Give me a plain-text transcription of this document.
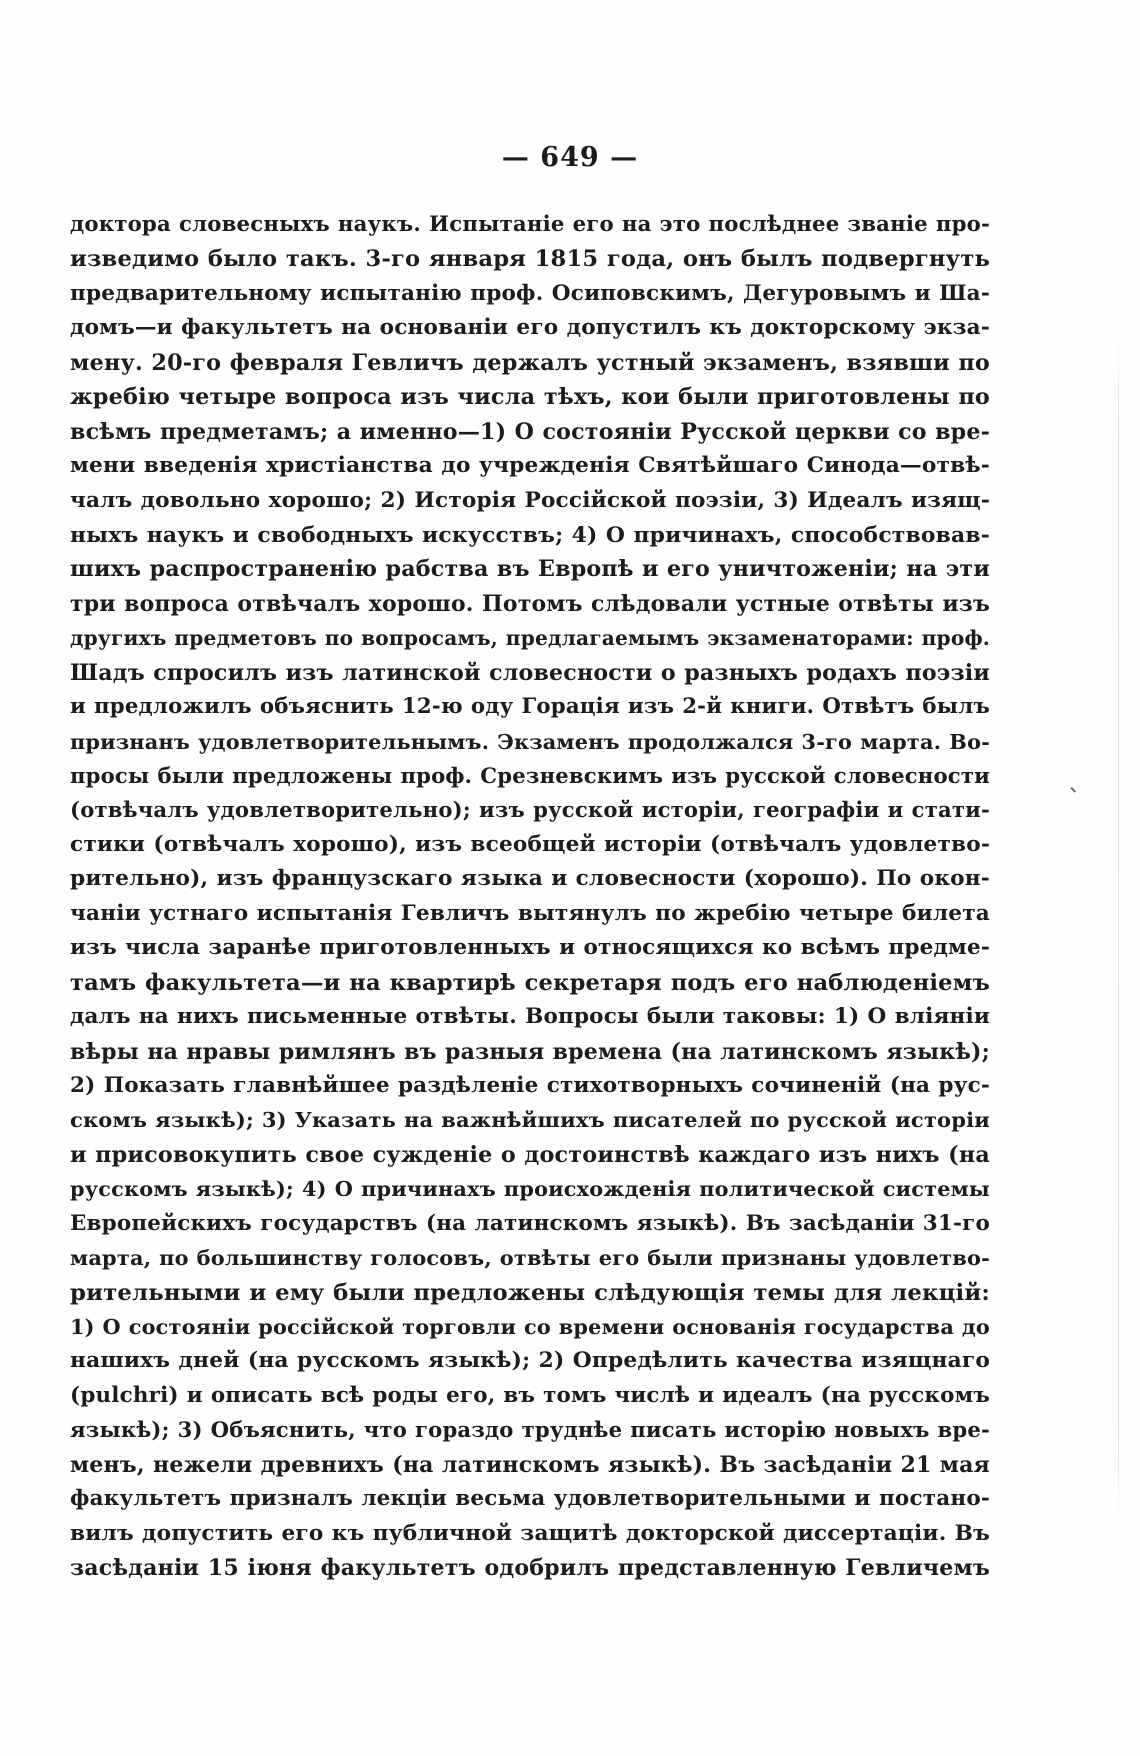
— 649 —
доктора словесныхъ наукъ. Испытаніе его на это послѣднее званіе про-
изведимо было такъ. 3-го января 1815 года, онъ былъ подвергнуть
предварительному испытанію проф. Осиповскимъ, Дегуровымъ и Ша-
домъ—и факультетъ на основаніи его допустилъ къ докторскому экза-
мену. 20-го февраля Гевличъ держалъ устный экзаменъ, взявши по
жребію четыре вопроса изъ числа тѣхъ, кои были приготовлены по
всѣмъ предметамъ; а именно—1) О состояніи Русской церкви со вре-
мени введенія христіанства до учрежденія Святѣйшаго Синода—отвѣ-
чалъ довольно хорошо; 2) Исторія Россійской поэзіи, 3) Идеалъ изящ-
ныхъ наукъ и свободныхъ искусствъ; 4) О причинахъ, способствовав-
шихъ распространенію рабства въ Европѣ и его уничтоженіи; на эти
три вопроса отвѣчалъ хорошо. Потомъ слѣдовали устные отвѣты изъ
другихъ предметовъ по вопросамъ, предлагаемымъ экзаменаторами: проф.
Шадъ спросилъ изъ латинской словесности о разныхъ родахъ поэзіи
и предложилъ объяснить 12-ю оду Горація изъ 2-й книги. Отвѣтъ былъ
признанъ удовлетворительнымъ. Экзаменъ продолжался 3-го марта. Во-
просы были предложены проф. Срезневскимъ изъ русской словесности
(отвѣчалъ удовлетворительно); изъ русской исторіи, географіи и стати-
стики (отвѣчалъ хорошо), изъ всеобщей исторіи (отвѣчалъ удовлетво-
рительно), изъ французскаго языка и словесности (хорошо). По окон-
чаніи устнаго испытанія Гевличъ вытянулъ по жребію четыре билета
изъ числа заранѣе приготовленныхъ и относящихся ко всѣмъ предме-
тамъ факультета—и на квартирѣ секретаря подъ его наблюденіемъ
далъ на нихъ письменные отвѣты. Вопросы были таковы: 1) О вліяніи
вѣры на нравы римлянъ въ разныя времена (на латинскомъ языкѣ);
2) Показать главнѣйшее раздѣленіе стихотворныхъ сочиненій (на рус-
скомъ языкѣ); 3) Указать на важнѣйшихъ писателей по русской исторіи
и присовокупить свое сужденіе о достоинствѣ каждаго изъ нихъ (на
русскомъ языкѣ); 4) О причинахъ происхожденія политической системы
Европейскихъ государствъ (на латинскомъ языкѣ). Въ засѣданіи 31-го
марта, по большинству голосовъ, отвѣты его были признаны удовлетво-
рительными и ему были предложены слѣдующія темы для лекцій:
1) О состояніи россійской торговли со времени основанія государства до
нашихъ дней (на русскомъ языкѣ); 2) Опредѣлить качества изящнаго
(pulchri) и описать всѣ роды его, въ томъ числѣ и идеалъ (на русскомъ
языкѣ); 3) Объяснить, что гораздо труднѣе писать исторію новыхъ вре-
менъ, нежели древнихъ (на латинскомъ языкѣ). Въ засѣданіи 21 мая
факультетъ призналъ лекціи весьма удовлетворительными и постано-
вилъ допустить его къ публичной защитѣ докторской диссертаціи. Въ
засѣданіи 15 іюня факультетъ одобрилъ представленную Гевличемъ
